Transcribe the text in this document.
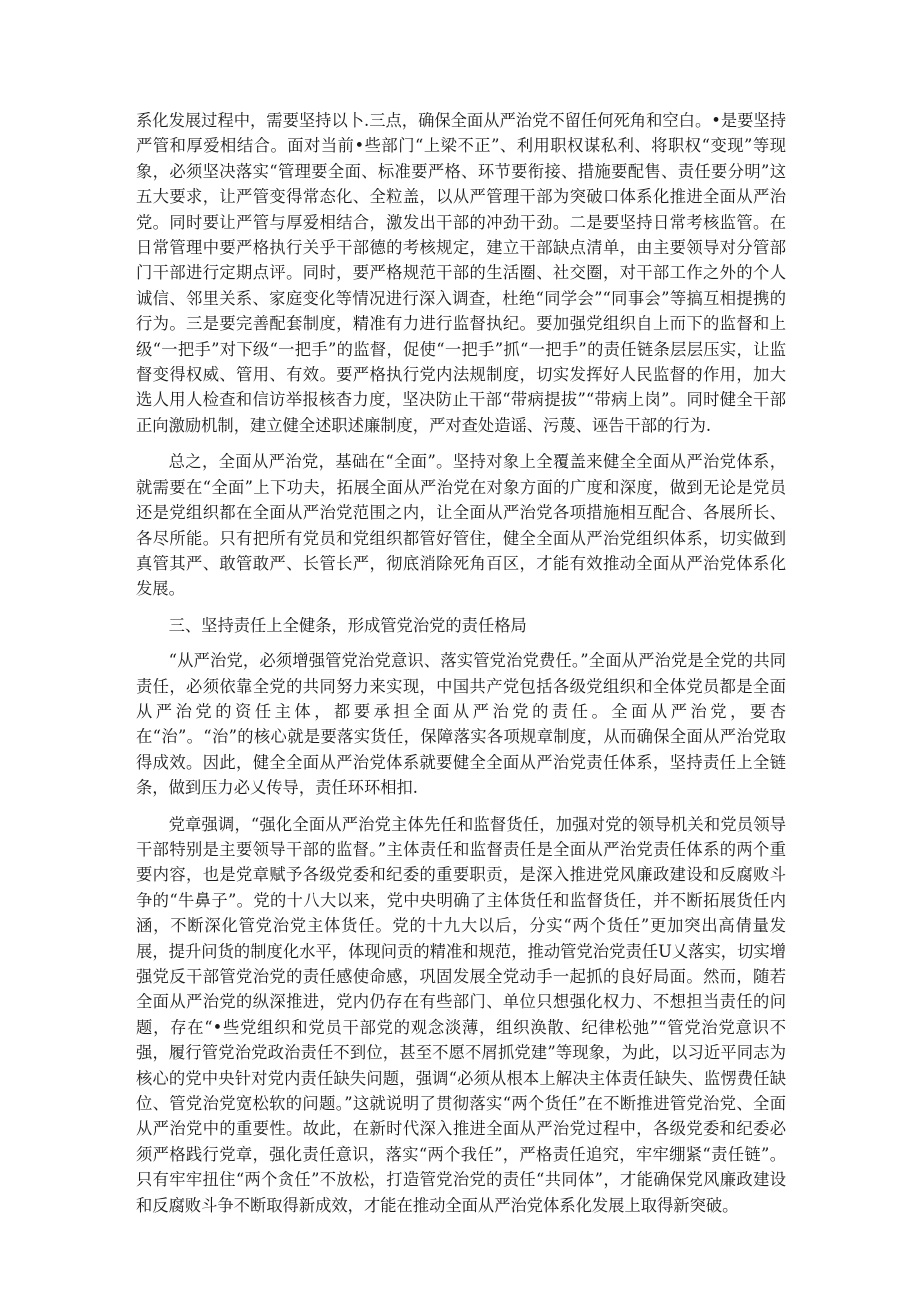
系化发展过程中，需要坚持以卜.三点，确保全面从严治党不留任何死角和空白。•是要坚持严管和厚爱相结合。面对当前•些部门“上梁不正”、利用职权谋私利、将职权“变现”等现象，必须坚决落实“管理要全面、标准要严格、环节要衔接、措施要配售、责任要分明”这五大要求，让严管变得常态化、全粒盖，以从严管理干部为突破口体系化推进全面从严治党。同时要让严管与厚爱相结合，激发出干部的冲劲干劲。二是要坚持日常考核监管。在日常管理中要严格执行关乎干部德的考核规定，建立干部缺点清单，由主要领导对分管部门干部进行定期点评。同时，要严格规范干部的生活圈、社交圈，对干部工作之外的个人诚信、邻里关系、家庭变化等情况进行深入调查，杜绝“同学会”“同事会”等搞互相提携的行为。三是要完善配套制度，精准有力进行监督执纪。要加强党组织自上而下的监督和上级“一把手”对下级“一把手”的监督，促使“一把手”抓“一把手”的责任链条层层压实，让监督变得权威、管用、有效。要严格执行党内法规制度，切实发挥好人民监督的作用，加大选人用人检查和信访举报核杳力度，坚决防止干部“带病提拔”“带病上岗”。同时健全干部正向激励机制，建立健全述职述廉制度，严对查处造谣、污蔑、诬告干部的行为.

总之，全面从严治党，基础在“全面”。坚持对象上全覆盖来健全全面从严治党体系，就需要在“全面”上下功夫，拓展全面从严治党在对象方面的广度和深度，做到无论是党员还是党组织都在全面从严治党范围之内，让全面从严治党各项措施相互配合、各展所长、各尽所能。只有把所有党员和党组织都管好管住，健全全面从严治党组织体系，切实做到真管其严、敢管敢严、长管长严，彻底消除死角百区，才能有效推动全面从严治党体系化发展。

三、坚持责任上全健条，形成管党治党的责任格局

“从严治党，必须增强管党治党意识、落实管党治党费任。”全面从严治党是全党的共同责任，必须依靠全党的共同努力来实现，中国共产党包括各级党组织和全体党员都是全面从严治党的资任主体，都要承担全面从严治党的责任。全面从严治党，要杏在“治”。“治”的核心就是要落实货任，保障落实各项规章制度，从而确保全面从严治党取得成效。因此，健全全面从严治党体系就要健全全面从严治党责任体系，坚持责任上全链条，做到压力必乂传导，责任环环相扣.

党章强调，“强化全面从严治党主体先任和监督货任，加强对党的领导机关和党员领导干部特别是主要领导干部的监督。”主体责任和监督责任是全面从严治党责任体系的两个重要内容，也是党章赋予各级党委和纪委的重要职贡，是深入推进党风廉政建设和反腐败斗争的“牛鼻子”。党的十八大以来，党中央明确了主体货任和监督货任，并不断拓展货任内涵，不断深化管党治党主体货任。党的十九大以后，分实“两个货任”更加突出高倩量发展，提升问货的制度化水平，体现问贡的精准和规范，推动管党治党责任U乂落实，切实增强党反干部管党治党的责任感使命感，巩固发展全党动手一起抓的良好局面。然而，随若全面从严治党的纵深推进，党内仍存在有些部门、单位只想强化权力、不想担当责任的问题，存在“•些党组织和党员干部党的观念淡薄，组织涣散、纪律松弛”“管党治党意识不强，履行管党治党政治责任不到位，甚至不愿不屑抓党建”等现象，为此，以习近平同志为核心的党中央针对党内责任缺失问题，强调“必须从根本上解决主体责任缺失、监愣费任缺位、管党治党宽松软的问题。”这就说明了贯彻落实“两个货任”在不断推进管党治党、全面从严治党中的重要性。故此，在新时代深入推进全面从严治党过程中，各级党委和纪委必须严格践行党章，强化责任意识，落实“两个我任”，严格责任追究，牢牢绷紧“责任链”。只有牢牢扭住“两个贪任”不放松，打造管党治党的责任“共同体”，才能确保党风廉政建设和反腐败斗争不断取得新成效，才能在推动全面从严治党体系化发展上取得新突破。
